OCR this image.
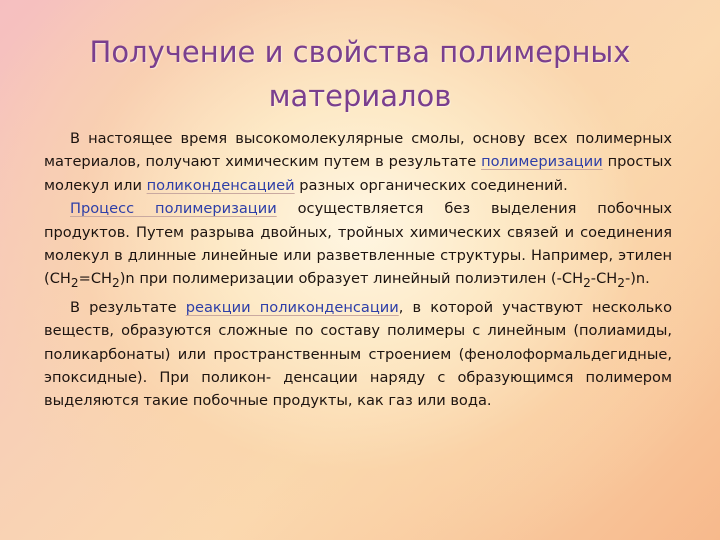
Получение и свойства полимерных
материалов

В настоящее время высокомолекулярные смолы, основу всех полимерных материалов, получают химическим путем в результате полимеризации простых молекул или поликонденсацией разных органических соединений.

Процесс полимеризации осуществляется без выделения побочных продуктов. Путем разрыва двойных, тройных химических связей и соединения молекул в длинные линейные или разветвленные структуры. Например, этилен $(CH_2=CH_2)n$ при полимеризации образует линейный полиэтилен $(-CH_2-CH_2-)n$.

В результате реакции поликонденсации, в которой участвуют несколько веществ, образуются сложные по составу полимеры с линейным (полиамиды, поликарбонаты) или пространственным строением (фенолоформальдегидные, эпоксидные). При поликон- денсации наряду с образующимся полимером выделяются такие побочные продукты, как газ или вода.
